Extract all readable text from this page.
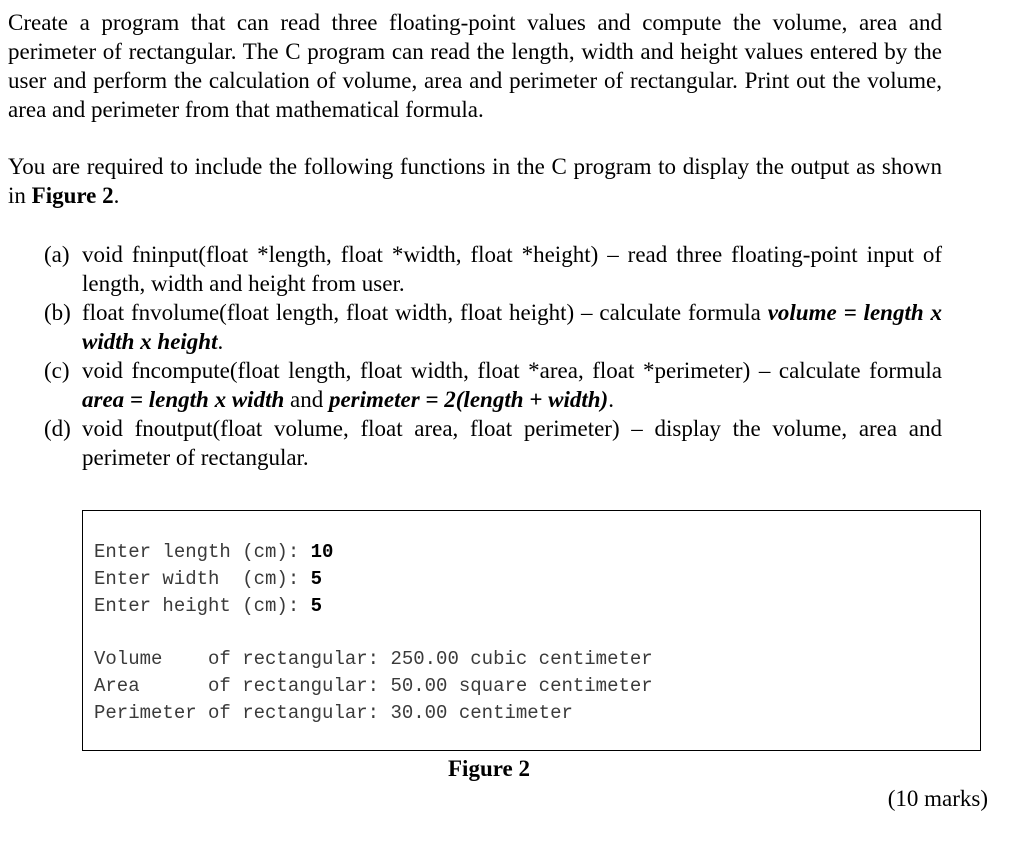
Create a program that can read three floating-point values and compute the volume, area and perimeter of rectangular. The C program can read the length, width and height values entered by the user and perform the calculation of volume, area and perimeter of rectangular. Print out the volume, area and perimeter from that mathematical formula.

You are required to include the following functions in the C program to display the output as shown in Figure 2.

(a) void fninput(float *length, float *width, float *height) – read three floating-point input of length, width and height from user.
(b) float fnvolume(float length, float width, float height) – calculate formula volume = length x width x height.
(c) void fncompute(float length, float width, float *area, float *perimeter) – calculate formula area = length x width and perimeter = 2(length + width).
(d) void fnoutput(float volume, float area, float perimeter) – display the volume, area and perimeter of rectangular.
Enter length (cm): 10
Enter width  (cm): 5
Enter height (cm): 5
Volume    of rectangular: 250.00 cubic centimeter
Area      of rectangular: 50.00 square centimeter
Perimeter of rectangular: 30.00 centimeter
Figure 2
(10 marks)
